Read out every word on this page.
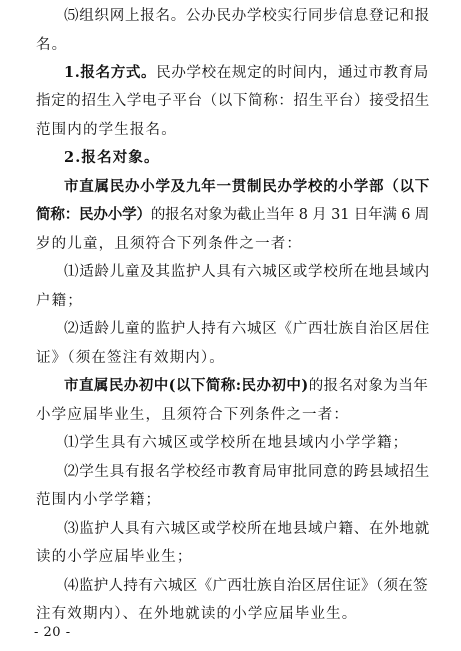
⑸组织网上报名。公办民办学校实行同步信息登记和报
名。
1.报名方式。民办学校在规定的时间内，通过市教育局
指定的招生入学电子平台（以下简称：招生平台）接受招生
范围内的学生报名。
2.报名对象。
市直属民办小学及九年一贯制民办学校的小学部（以下
简称：民办小学）的报名对象为截止当年 8 月 31 日年满 6 周
岁的儿童，且须符合下列条件之一者：
⑴适龄儿童及其监护人具有六城区或学校所在地县域内
户籍；
⑵适龄儿童的监护人持有六城区《广西壮族自治区居住
证》（须在签注有效期内）。
市直属民办初中(以下简称:民办初中)的报名对象为当年
小学应届毕业生，且须符合下列条件之一者：
⑴学生具有六城区或学校所在地县域内小学学籍；
⑵学生具有报名学校经市教育局审批同意的跨县域招生
范围内小学学籍；
⑶监护人具有六城区或学校所在地县域户籍、在外地就
读的小学应届毕业生；
⑷监护人持有六城区《广西壮族自治区居住证》（须在签
注有效期内）、在外地就读的小学应届毕业生。
- 20 -
